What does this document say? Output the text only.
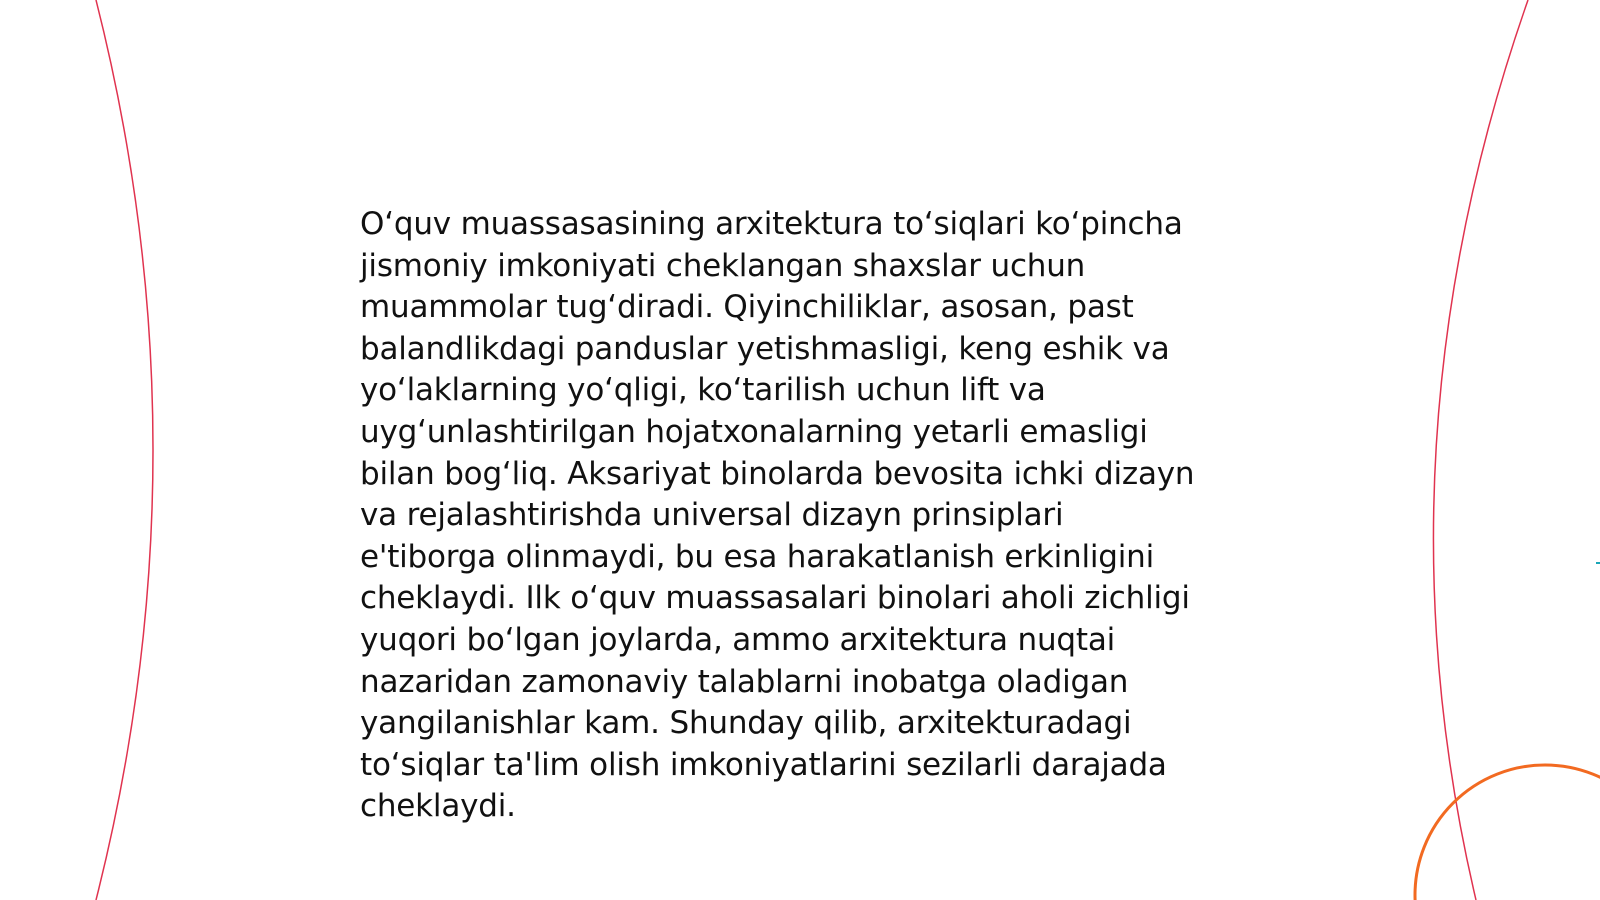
O‘quv muassasasining arxitektura to‘siqlari ko‘pincha
jismoniy imkoniyati cheklangan shaxslar uchun
muammolar tug‘diradi. Qiyinchiliklar, asosan, past
balandlikdagi panduslar yetishmasligi, keng eshik va
yo‘laklarning yo‘qligi, ko‘tarilish uchun lift va
uyg‘unlashtirilgan hojatxonalarning yetarli emasligi
bilan bog‘liq. Aksariyat binolarda bevosita ichki dizayn
va rejalashtirishda universal dizayn prinsiplari
e'tiborga olinmaydi, bu esa harakatlanish erkinligini
cheklaydi. Ilk o‘quv muassasalari binolari aholi zichligi
yuqori bo‘lgan joylarda, ammo arxitektura nuqtai
nazaridan zamonaviy talablarni inobatga oladigan
yangilanishlar kam. Shunday qilib, arxitekturadagi
to‘siqlar ta'lim olish imkoniyatlarini sezilarli darajada
cheklaydi.
